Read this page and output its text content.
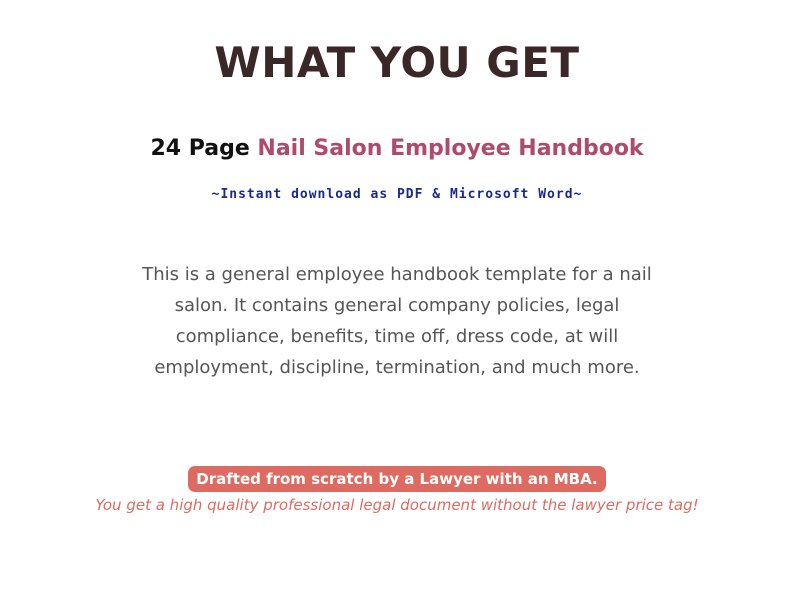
WHAT YOU GET
24 Page Nail Salon Employee Handbook
~Instant download as PDF & Microsoft Word~
This is a general employee handbook template for a nail salon. It contains general company policies, legal compliance, benefits, time off, dress code, at will employment, discipline, termination, and much more.
Drafted from scratch by a Lawyer with an MBA.
You get a high quality professional legal document without the lawyer price tag!
